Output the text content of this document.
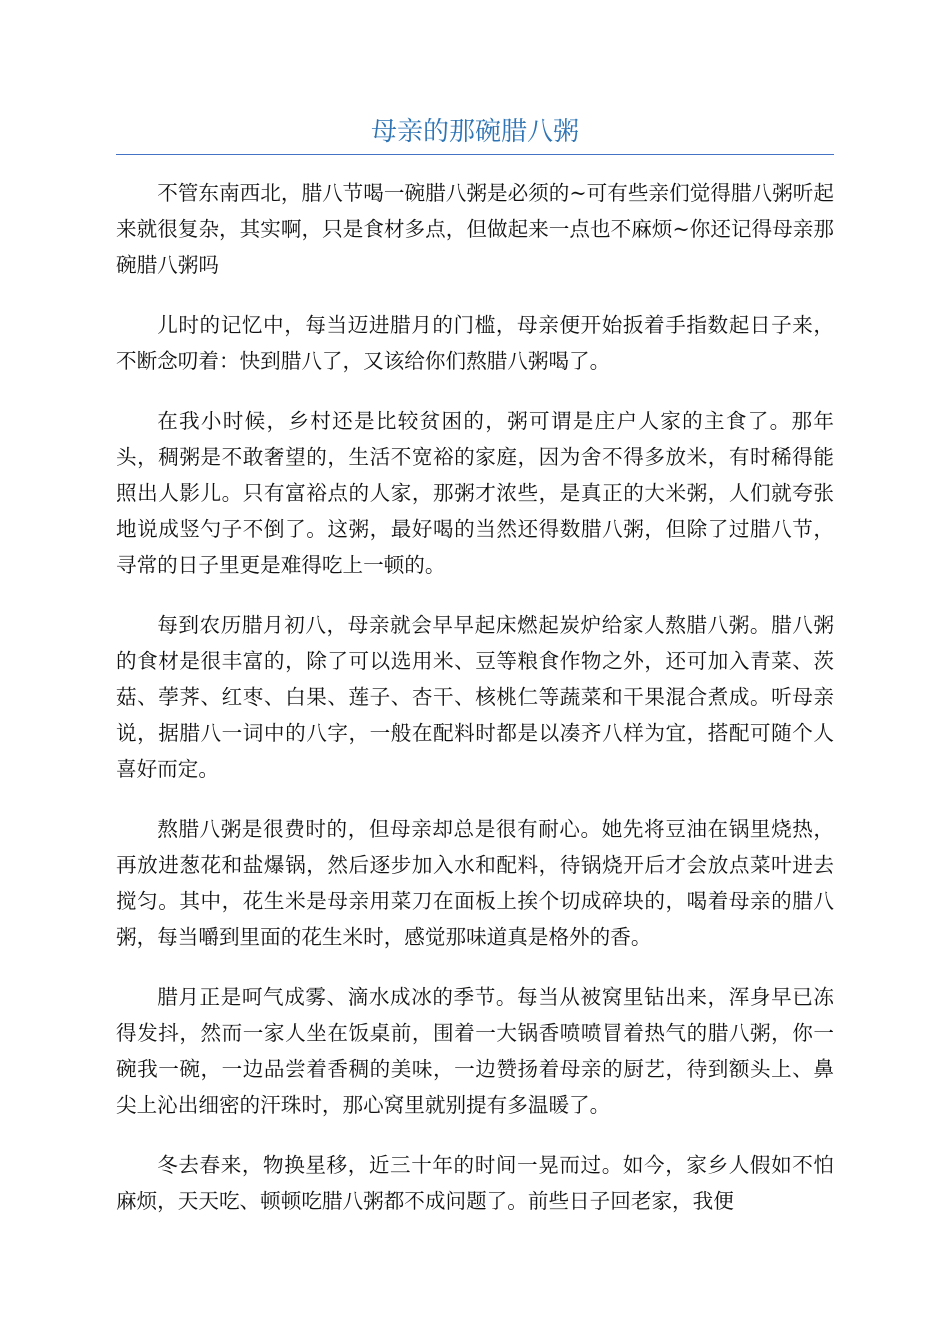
母亲的那碗腊八粥

不管东南西北，腊八节喝一碗腊八粥是必须的~可有些亲们觉得腊八粥听起来就很复杂，其实啊，只是食材多点，但做起来一点也不麻烦~你还记得母亲那碗腊八粥吗

儿时的记忆中，每当迈进腊月的门槛，母亲便开始扳着手指数起日子来，不断念叨着：快到腊八了，又该给你们熬腊八粥喝了。

在我小时候，乡村还是比较贫困的，粥可谓是庄户人家的主食了。那年头，稠粥是不敢奢望的，生活不宽裕的家庭，因为舍不得多放米，有时稀得能照出人影儿。只有富裕点的人家，那粥才浓些，是真正的大米粥，人们就夸张地说成竖勺子不倒了。这粥，最好喝的当然还得数腊八粥，但除了过腊八节，寻常的日子里更是难得吃上一顿的。

每到农历腊月初八，母亲就会早早起床燃起炭炉给家人熬腊八粥。腊八粥的食材是很丰富的，除了可以选用米、豆等粮食作物之外，还可加入青菜、茨菇、荸荠、红枣、白果、莲子、杏干、核桃仁等蔬菜和干果混合煮成。听母亲说，据腊八一词中的八字，一般在配料时都是以凑齐八样为宜，搭配可随个人喜好而定。

熬腊八粥是很费时的，但母亲却总是很有耐心。她先将豆油在锅里烧热，再放进葱花和盐爆锅，然后逐步加入水和配料，待锅烧开后才会放点菜叶进去搅匀。其中，花生米是母亲用菜刀在面板上挨个切成碎块的，喝着母亲的腊八粥，每当嚼到里面的花生米时，感觉那味道真是格外的香。

腊月正是呵气成雾、滴水成冰的季节。每当从被窝里钻出来，浑身早已冻得发抖，然而一家人坐在饭桌前，围着一大锅香喷喷冒着热气的腊八粥，你一碗我一碗，一边品尝着香稠的美味，一边赞扬着母亲的厨艺，待到额头上、鼻尖上沁出细密的汗珠时，那心窝里就别提有多温暖了。

冬去春来，物换星移，近三十年的时间一晃而过。如今，家乡人假如不怕麻烦，天天吃、顿顿吃腊八粥都不成问题了。前些日子回老家，我便
